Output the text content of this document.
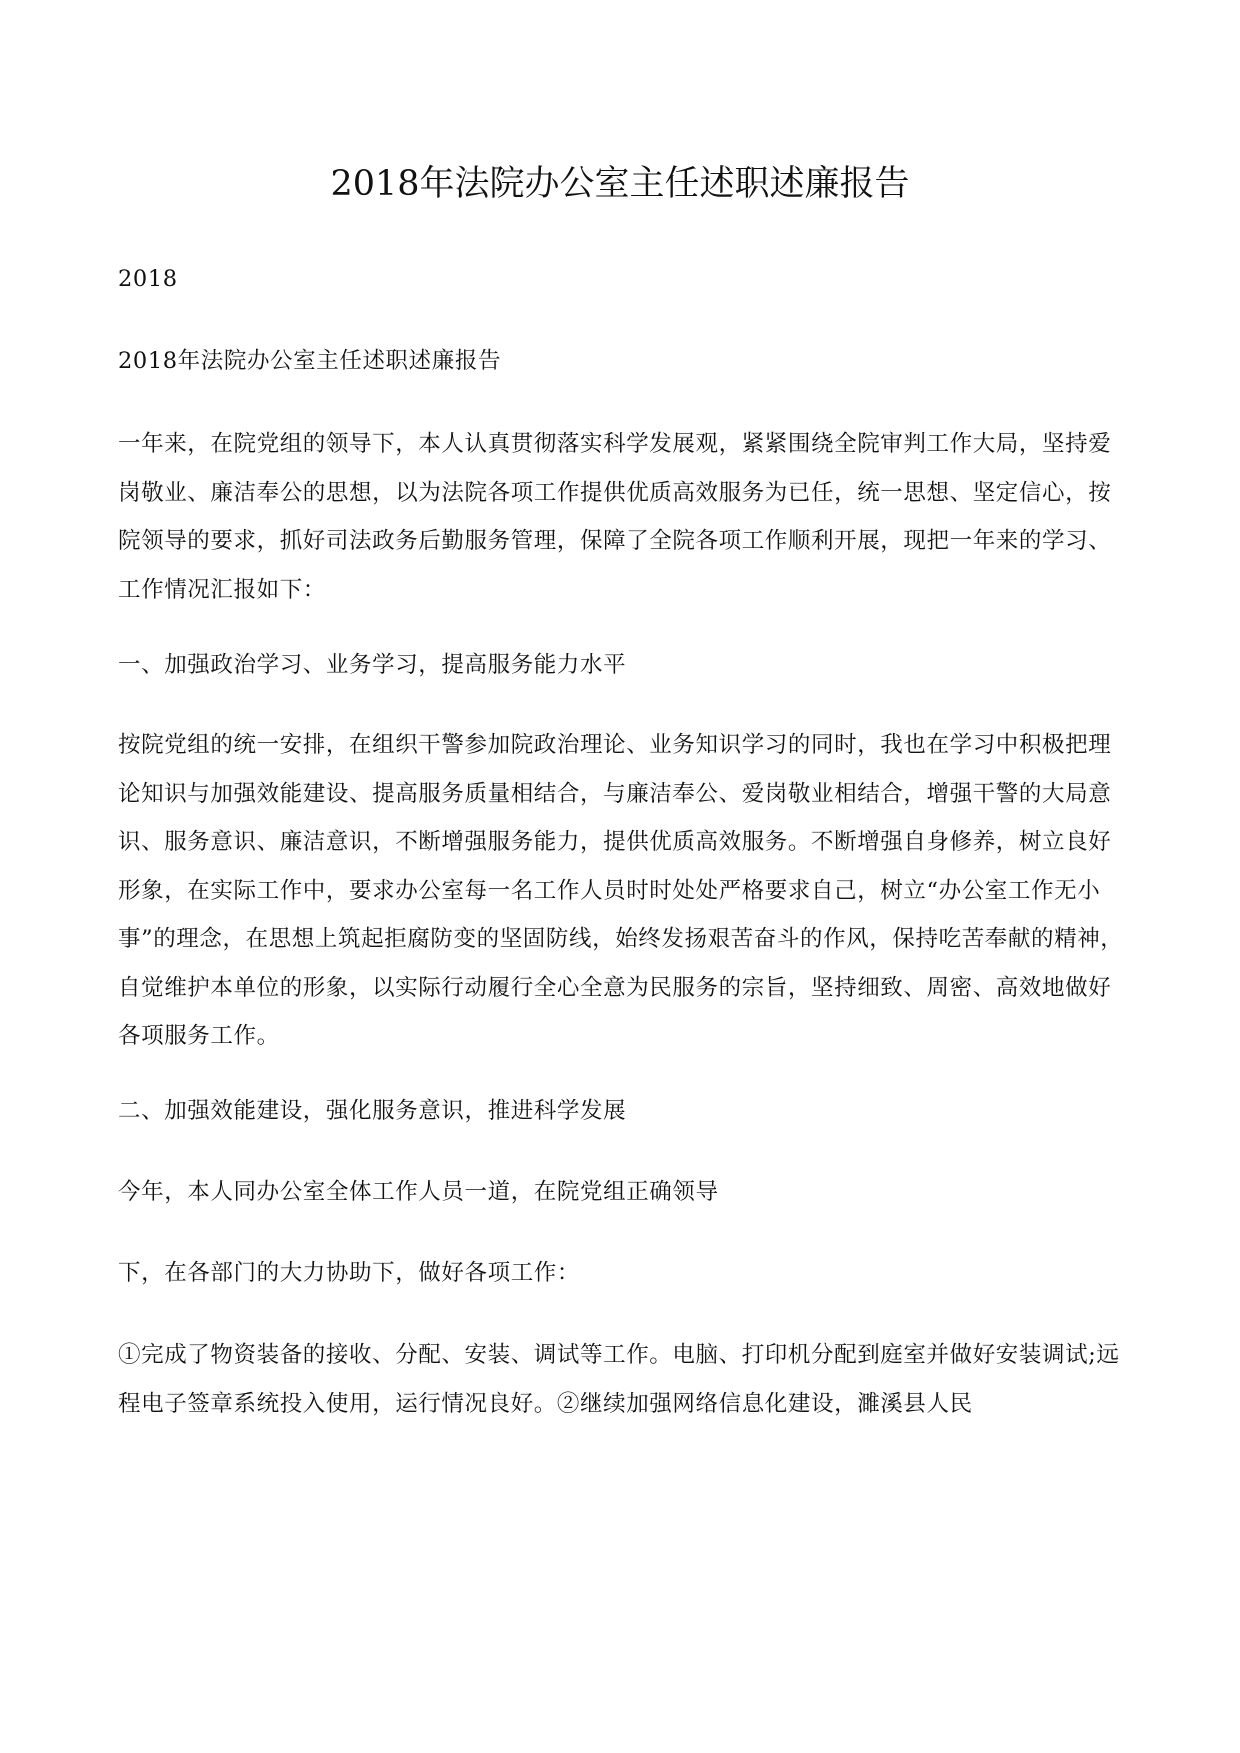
2018年法院办公室主任述职述廉报告

2018

2018年法院办公室主任述职述廉报告

一年来，在院党组的领导下，本人认真贯彻落实科学发展观，紧紧围绕全院审判工作大局，坚持爱岗敬业、廉洁奉公的思想，以为法院各项工作提供优质高效服务为已任，统一思想、坚定信心，按院领导的要求，抓好司法政务后勤服务管理，保障了全院各项工作顺利开展，现把一年来的学习、工作情况汇报如下：

一、加强政治学习、业务学习，提高服务能力水平

按院党组的统一安排，在组织干警参加院政治理论、业务知识学习的同时，我也在学习中积极把理论知识与加强效能建设、提高服务质量相结合，与廉洁奉公、爱岗敬业相结合，增强干警的大局意识、服务意识、廉洁意识，不断增强服务能力，提供优质高效服务。不断增强自身修养，树立良好形象，在实际工作中，要求办公室每一名工作人员时时处处严格要求自己，树立“办公室工作无小事”的理念，在思想上筑起拒腐防变的坚固防线，始终发扬艰苦奋斗的作风，保持吃苦奉献的精神，自觉维护本单位的形象，以实际行动履行全心全意为民服务的宗旨，坚持细致、周密、高效地做好各项服务工作。

二、加强效能建设，强化服务意识，推进科学发展

今年，本人同办公室全体工作人员一道，在院党组正确领导

下，在各部门的大力协助下，做好各项工作：

①完成了物资装备的接收、分配、安装、调试等工作。电脑、打印机分配到庭室并做好安装调试;远程电子签章系统投入使用，运行情况良好。②继续加强网络信息化建设，濉溪县人民
